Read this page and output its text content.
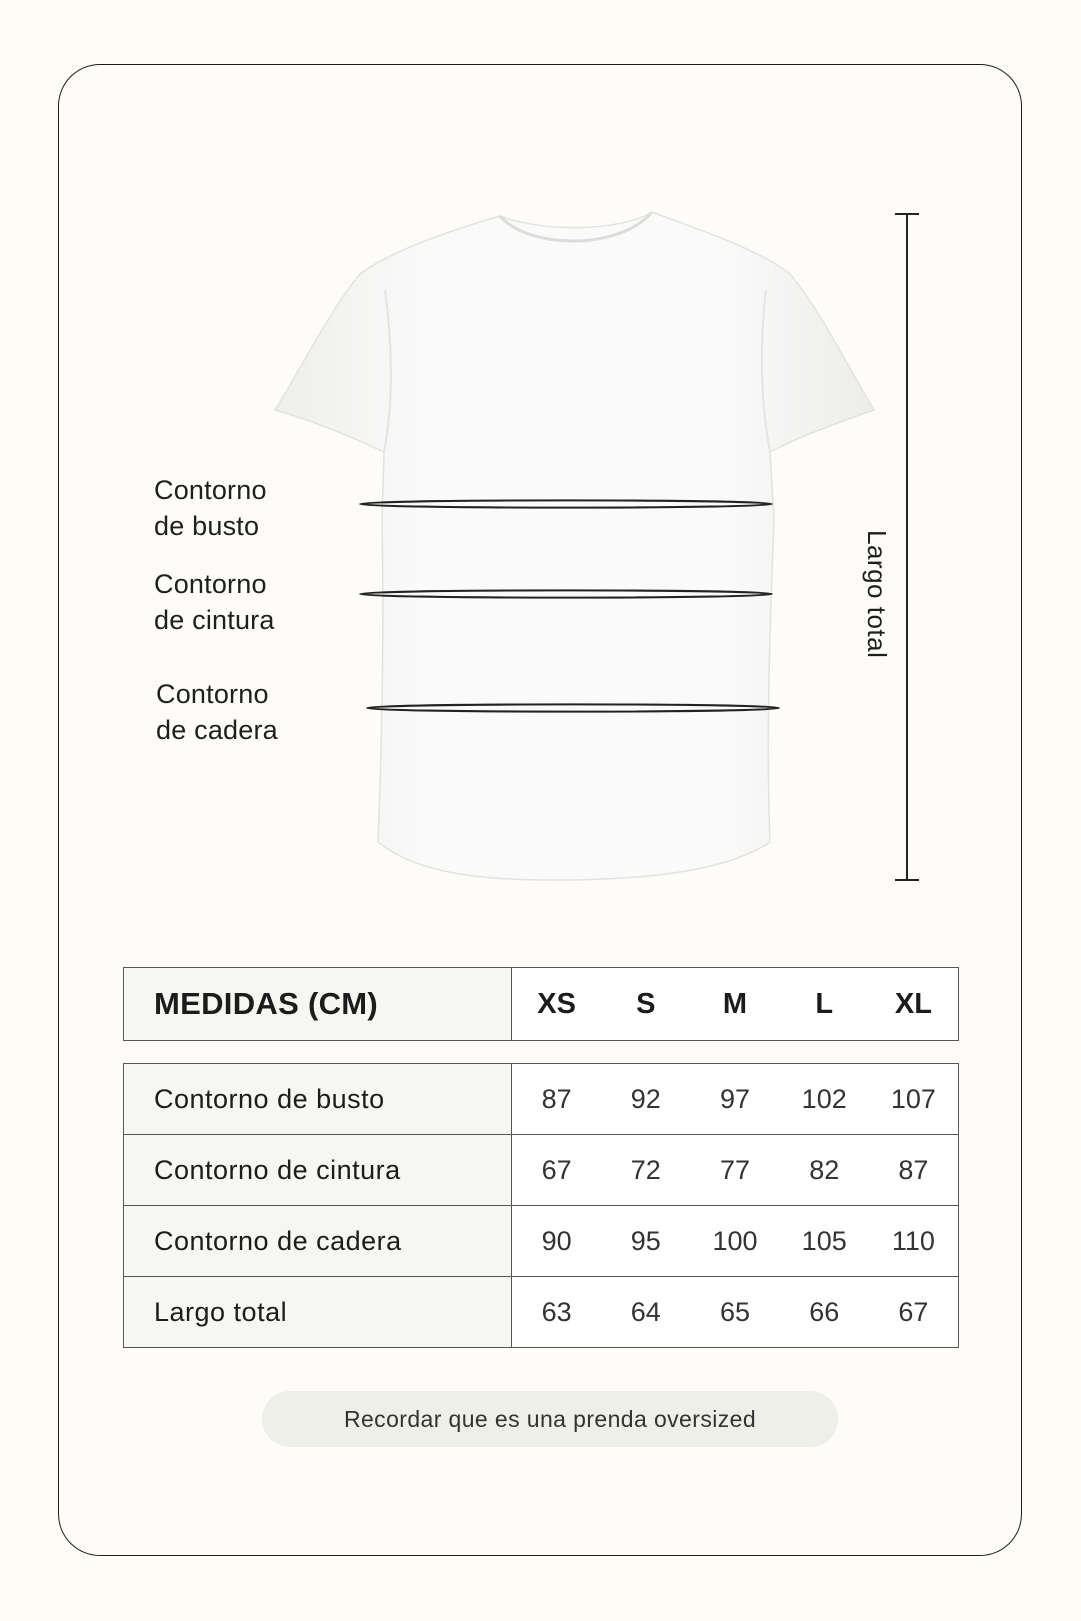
Contorno
de busto
Contorno
de cintura
Contorno
de cadera
Largo total
MEDIDAS (CM)	XS	S	M	L	XL
Contorno de busto	87 92 97 102 107

Contorno de cintura	67 72 77 82 87

Contorno de cadera	90 95 100 105 110

Largo total	63 64 65 66 67
Recordar que es una prenda oversized
